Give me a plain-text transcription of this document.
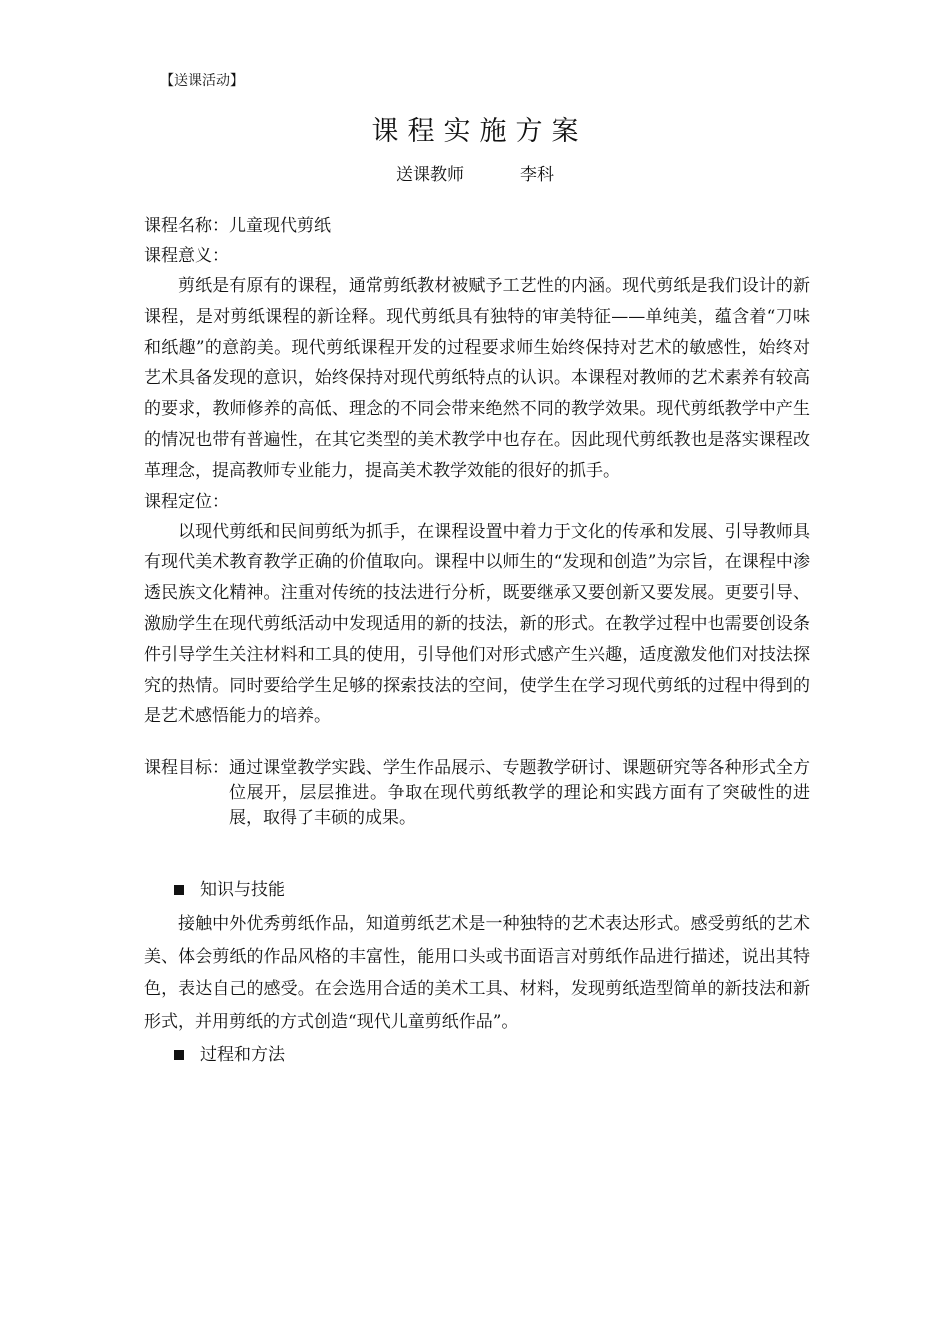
【送课活动】
课程实施方案
送课教师	李科
课程名称：儿童现代剪纸
课程意义：

剪纸是有原有的课程，通常剪纸教材被赋予工艺性的内涵。现代剪纸是我们设计的新课程，是对剪纸课程的新诠释。现代剪纸具有独特的审美特征——单纯美，蕴含着“刀味和纸趣”的意韵美。现代剪纸课程开发的过程要求师生始终保持对艺术的敏感性，始终对艺术具备发现的意识，始终保持对现代剪纸特点的认识。本课程对教师的艺术素养有较高的要求，教师修养的高低、理念的不同会带来绝然不同的教学效果。现代剪纸教学中产生的情况也带有普遍性，在其它类型的美术教学中也存在。因此现代剪纸教也是落实课程改革理念，提高教师专业能力，提高美术教学效能的很好的抓手。

课程定位：

以现代剪纸和民间剪纸为抓手，在课程设置中着力于文化的传承和发展、引导教师具有现代美术教育教学正确的价值取向。课程中以师生的“发现和创造”为宗旨，在课程中渗透民族文化精神。注重对传统的技法进行分析，既要继承又要创新又要发展。更要引导、激励学生在现代剪纸活动中发现适用的新的技法，新的形式。在教学过程中也需要创设条件引导学生关注材料和工具的使用，引导他们对形式感产生兴趣，适度激发他们对技法探究的热情。同时要给学生足够的探索技法的空间，使学生在学习现代剪纸的过程中得到的是艺术感悟能力的培养。

课程目标： 通过课堂教学实践、学生作品展示、专题教学研讨、课题研究等各种形式全方位展开，层层推进。争取在现代剪纸教学的理论和实践方面有了突破性的进展，取得了丰硕的成果。
知识与技能

接触中外优秀剪纸作品，知道剪纸艺术是一种独特的艺术表达形式。感受剪纸的艺术美、体会剪纸的作品风格的丰富性，能用口头或书面语言对剪纸作品进行描述，说出其特色，表达自己的感受。在会选用合适的美术工具、材料，发现剪纸造型简单的新技法和新形式，并用剪纸的方式创造“现代儿童剪纸作品”。

过程和方法
